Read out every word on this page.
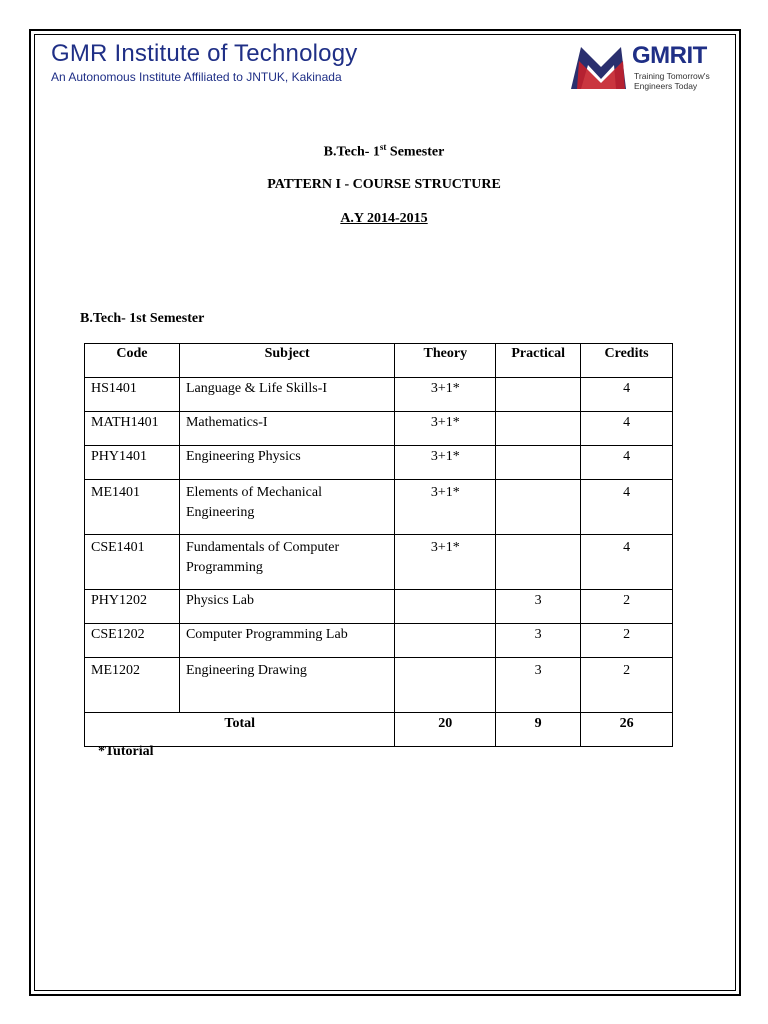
GMR Institute of Technology
An Autonomous Institute Affiliated to JNTUK, Kakinada
GMRIT
Training Tomorrow's
Engineers Today
B.Tech- 1st Semester
PATTERN I - COURSE STRUCTURE
A.Y 2014-2015
B.Tech- 1st Semester
Code	Subject	Theory	Practical	Credits
HS1401	Language & Life Skills-I	3+1*		4
MATH1401	Mathematics-I	3+1*		4
PHY1401	Engineering Physics	3+1*		4
ME1401	Elements of Mechanical Engineering	3+1*		4
CSE1401	Fundamentals of Computer Programming	3+1*		4
PHY1202	Physics Lab		3	2
CSE1202	Computer Programming Lab		3	2
ME1202	Engineering Drawing		3	2
Total		20	9	26
*Tutorial
